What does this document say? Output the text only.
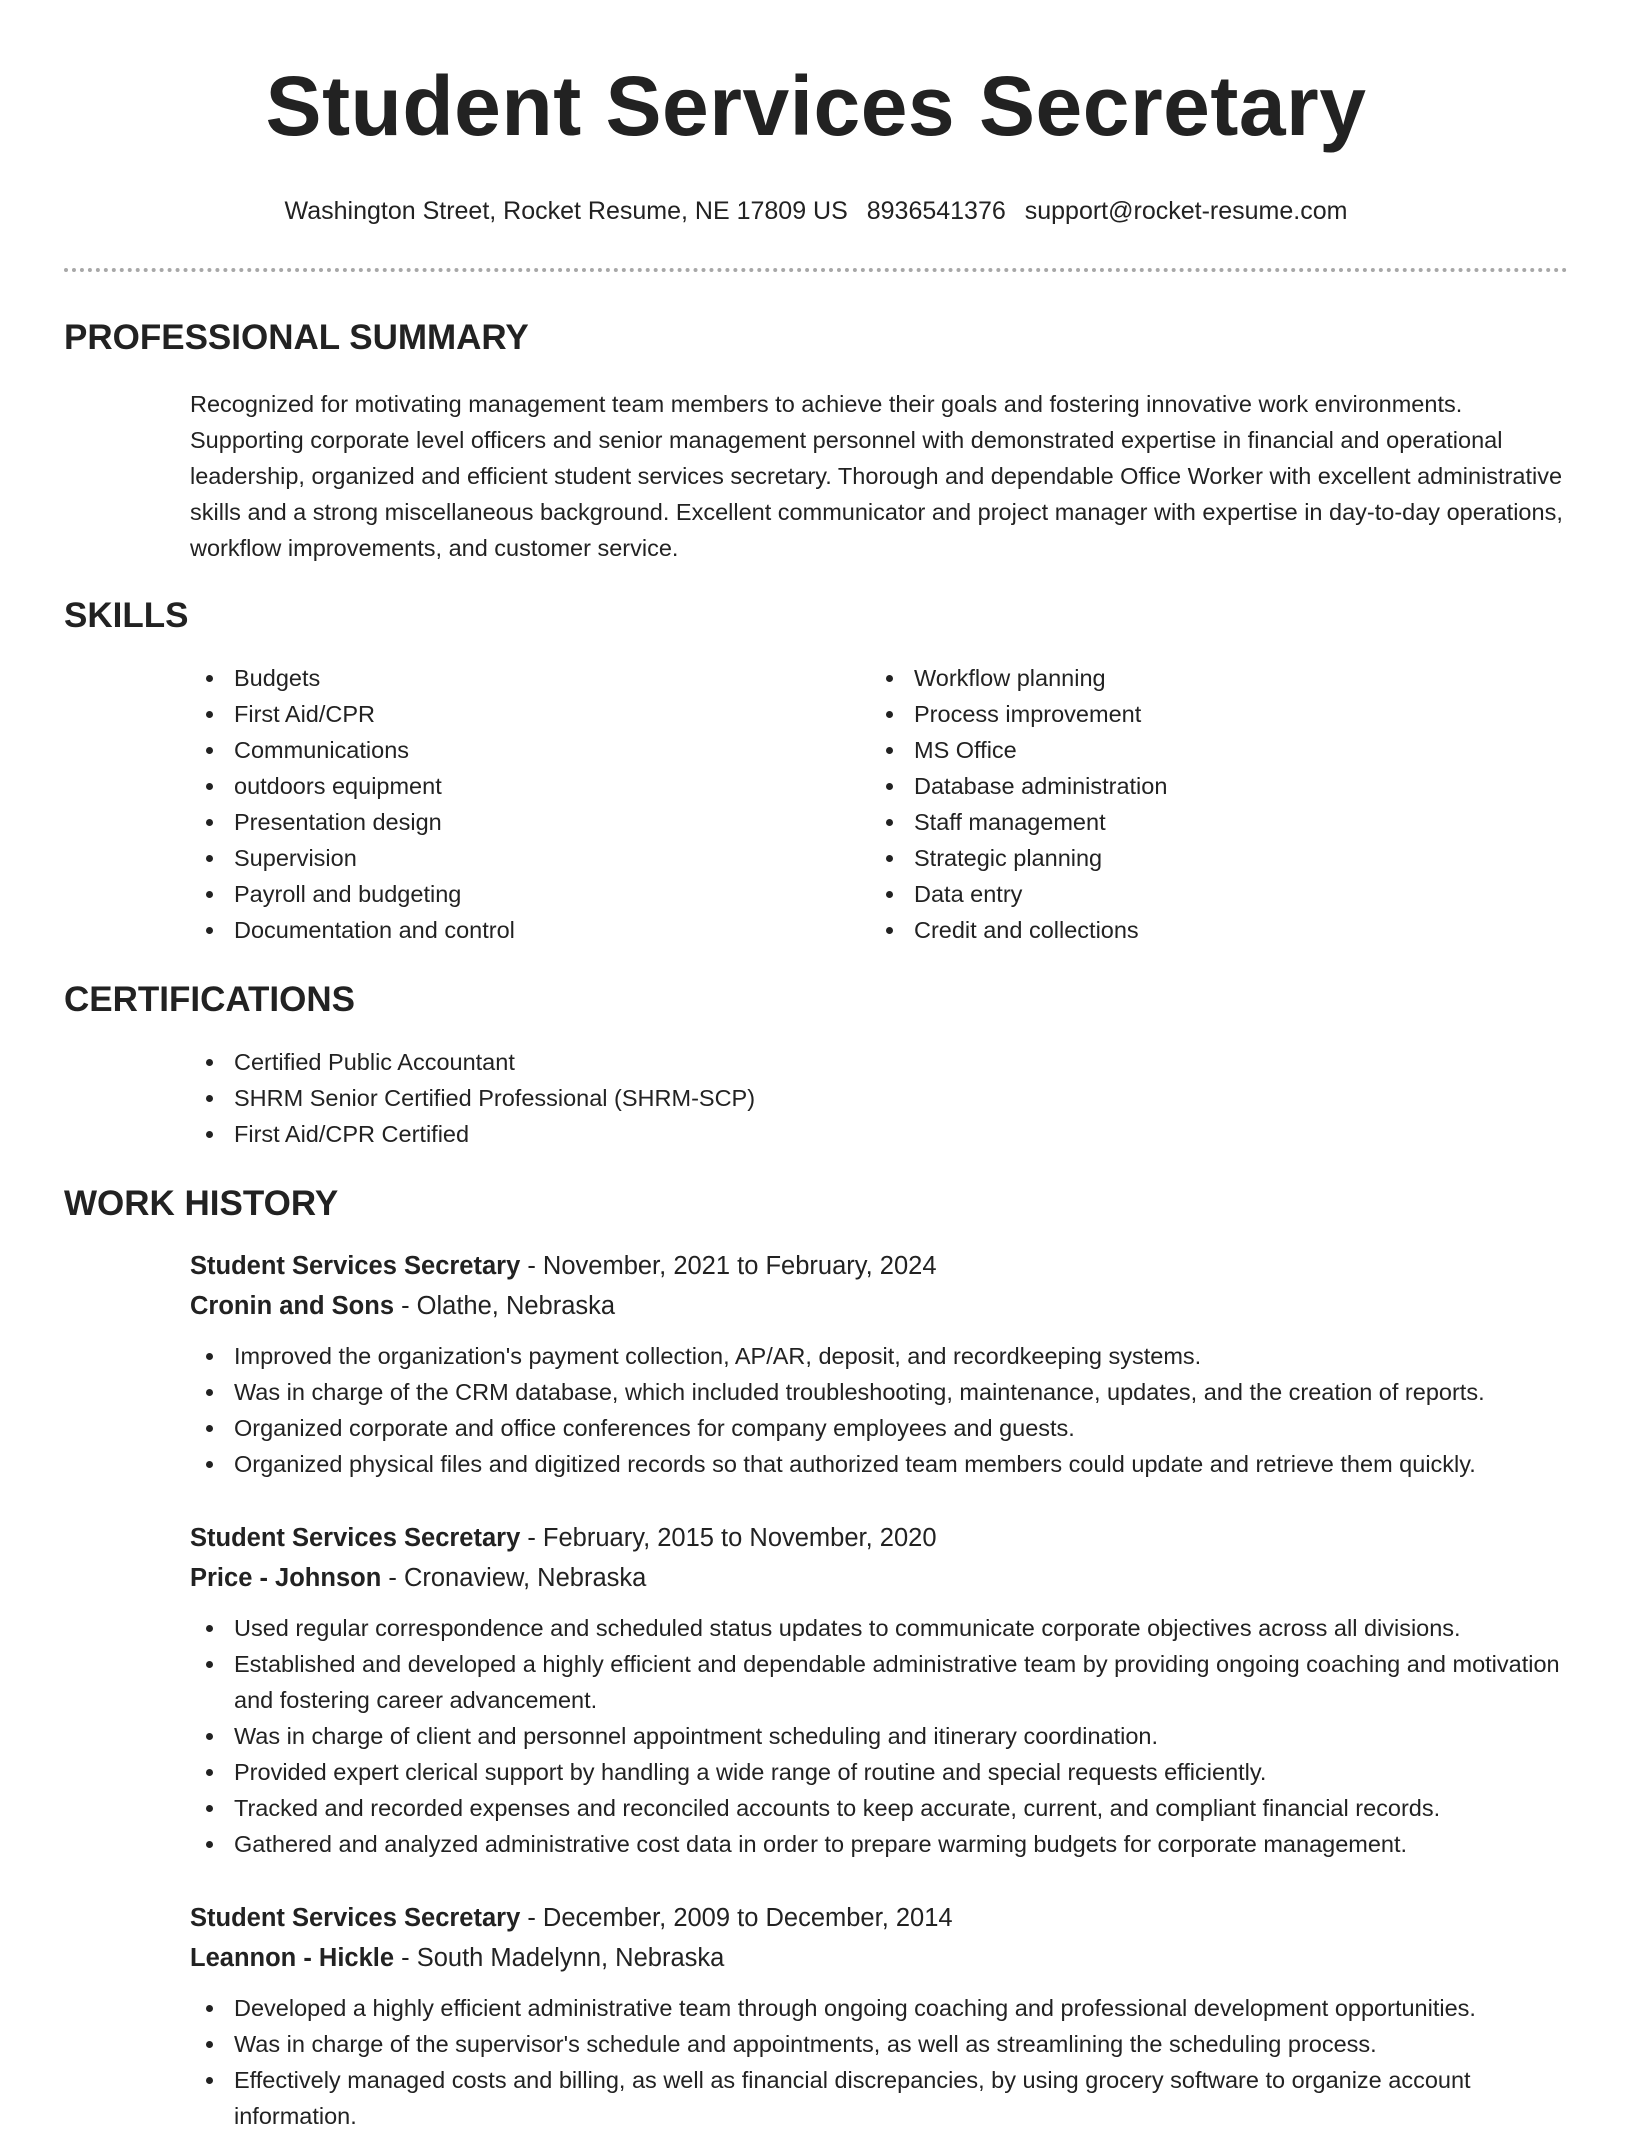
Student Services Secretary
Washington Street, Rocket Resume, NE 17809 US 8936541376 support@rocket-resume.com
PROFESSIONAL SUMMARY

Recognized for motivating management team members to achieve their goals and fostering innovative work environments. Supporting corporate level officers and senior management personnel with demonstrated expertise in financial and operational leadership, organized and efficient student services secretary. Thorough and dependable Office Worker with excellent administrative skills and a strong miscellaneous background. Excellent communicator and project manager with expertise in day-to-day operations, workflow improvements, and customer service.

SKILLS
Budgets
First Aid/CPR
Communications
outdoors equipment
Presentation design
Supervision
Payroll and budgeting
Documentation and control
Workflow planning
Process improvement
MS Office
Database administration
Staff management
Strategic planning
Data entry
Credit and collections
CERTIFICATIONS
Certified Public Accountant
SHRM Senior Certified Professional (SHRM-SCP)
First Aid/CPR Certified
WORK HISTORY
Student Services Secretary - November, 2021 to February, 2024
Cronin and Sons - Olathe, Nebraska
Improved the organization's payment collection, AP/AR, deposit, and recordkeeping systems.
Was in charge of the CRM database, which included troubleshooting, maintenance, updates, and the creation of reports.
Organized corporate and office conferences for company employees and guests.
Organized physical files and digitized records so that authorized team members could update and retrieve them quickly.
Student Services Secretary - February, 2015 to November, 2020
Price - Johnson - Cronaview, Nebraska
Used regular correspondence and scheduled status updates to communicate corporate objectives across all divisions.
Established and developed a highly efficient and dependable administrative team by providing ongoing coaching and motivation and fostering career advancement.
Was in charge of client and personnel appointment scheduling and itinerary coordination.
Provided expert clerical support by handling a wide range of routine and special requests efficiently.
Tracked and recorded expenses and reconciled accounts to keep accurate, current, and compliant financial records.
Gathered and analyzed administrative cost data in order to prepare warming budgets for corporate management.
Student Services Secretary - December, 2009 to December, 2014
Leannon - Hickle - South Madelynn, Nebraska
Developed a highly efficient administrative team through ongoing coaching and professional development opportunities.
Was in charge of the supervisor's schedule and appointments, as well as streamlining the scheduling process.
Effectively managed costs and billing, as well as financial discrepancies, by using grocery software to organize account information.
